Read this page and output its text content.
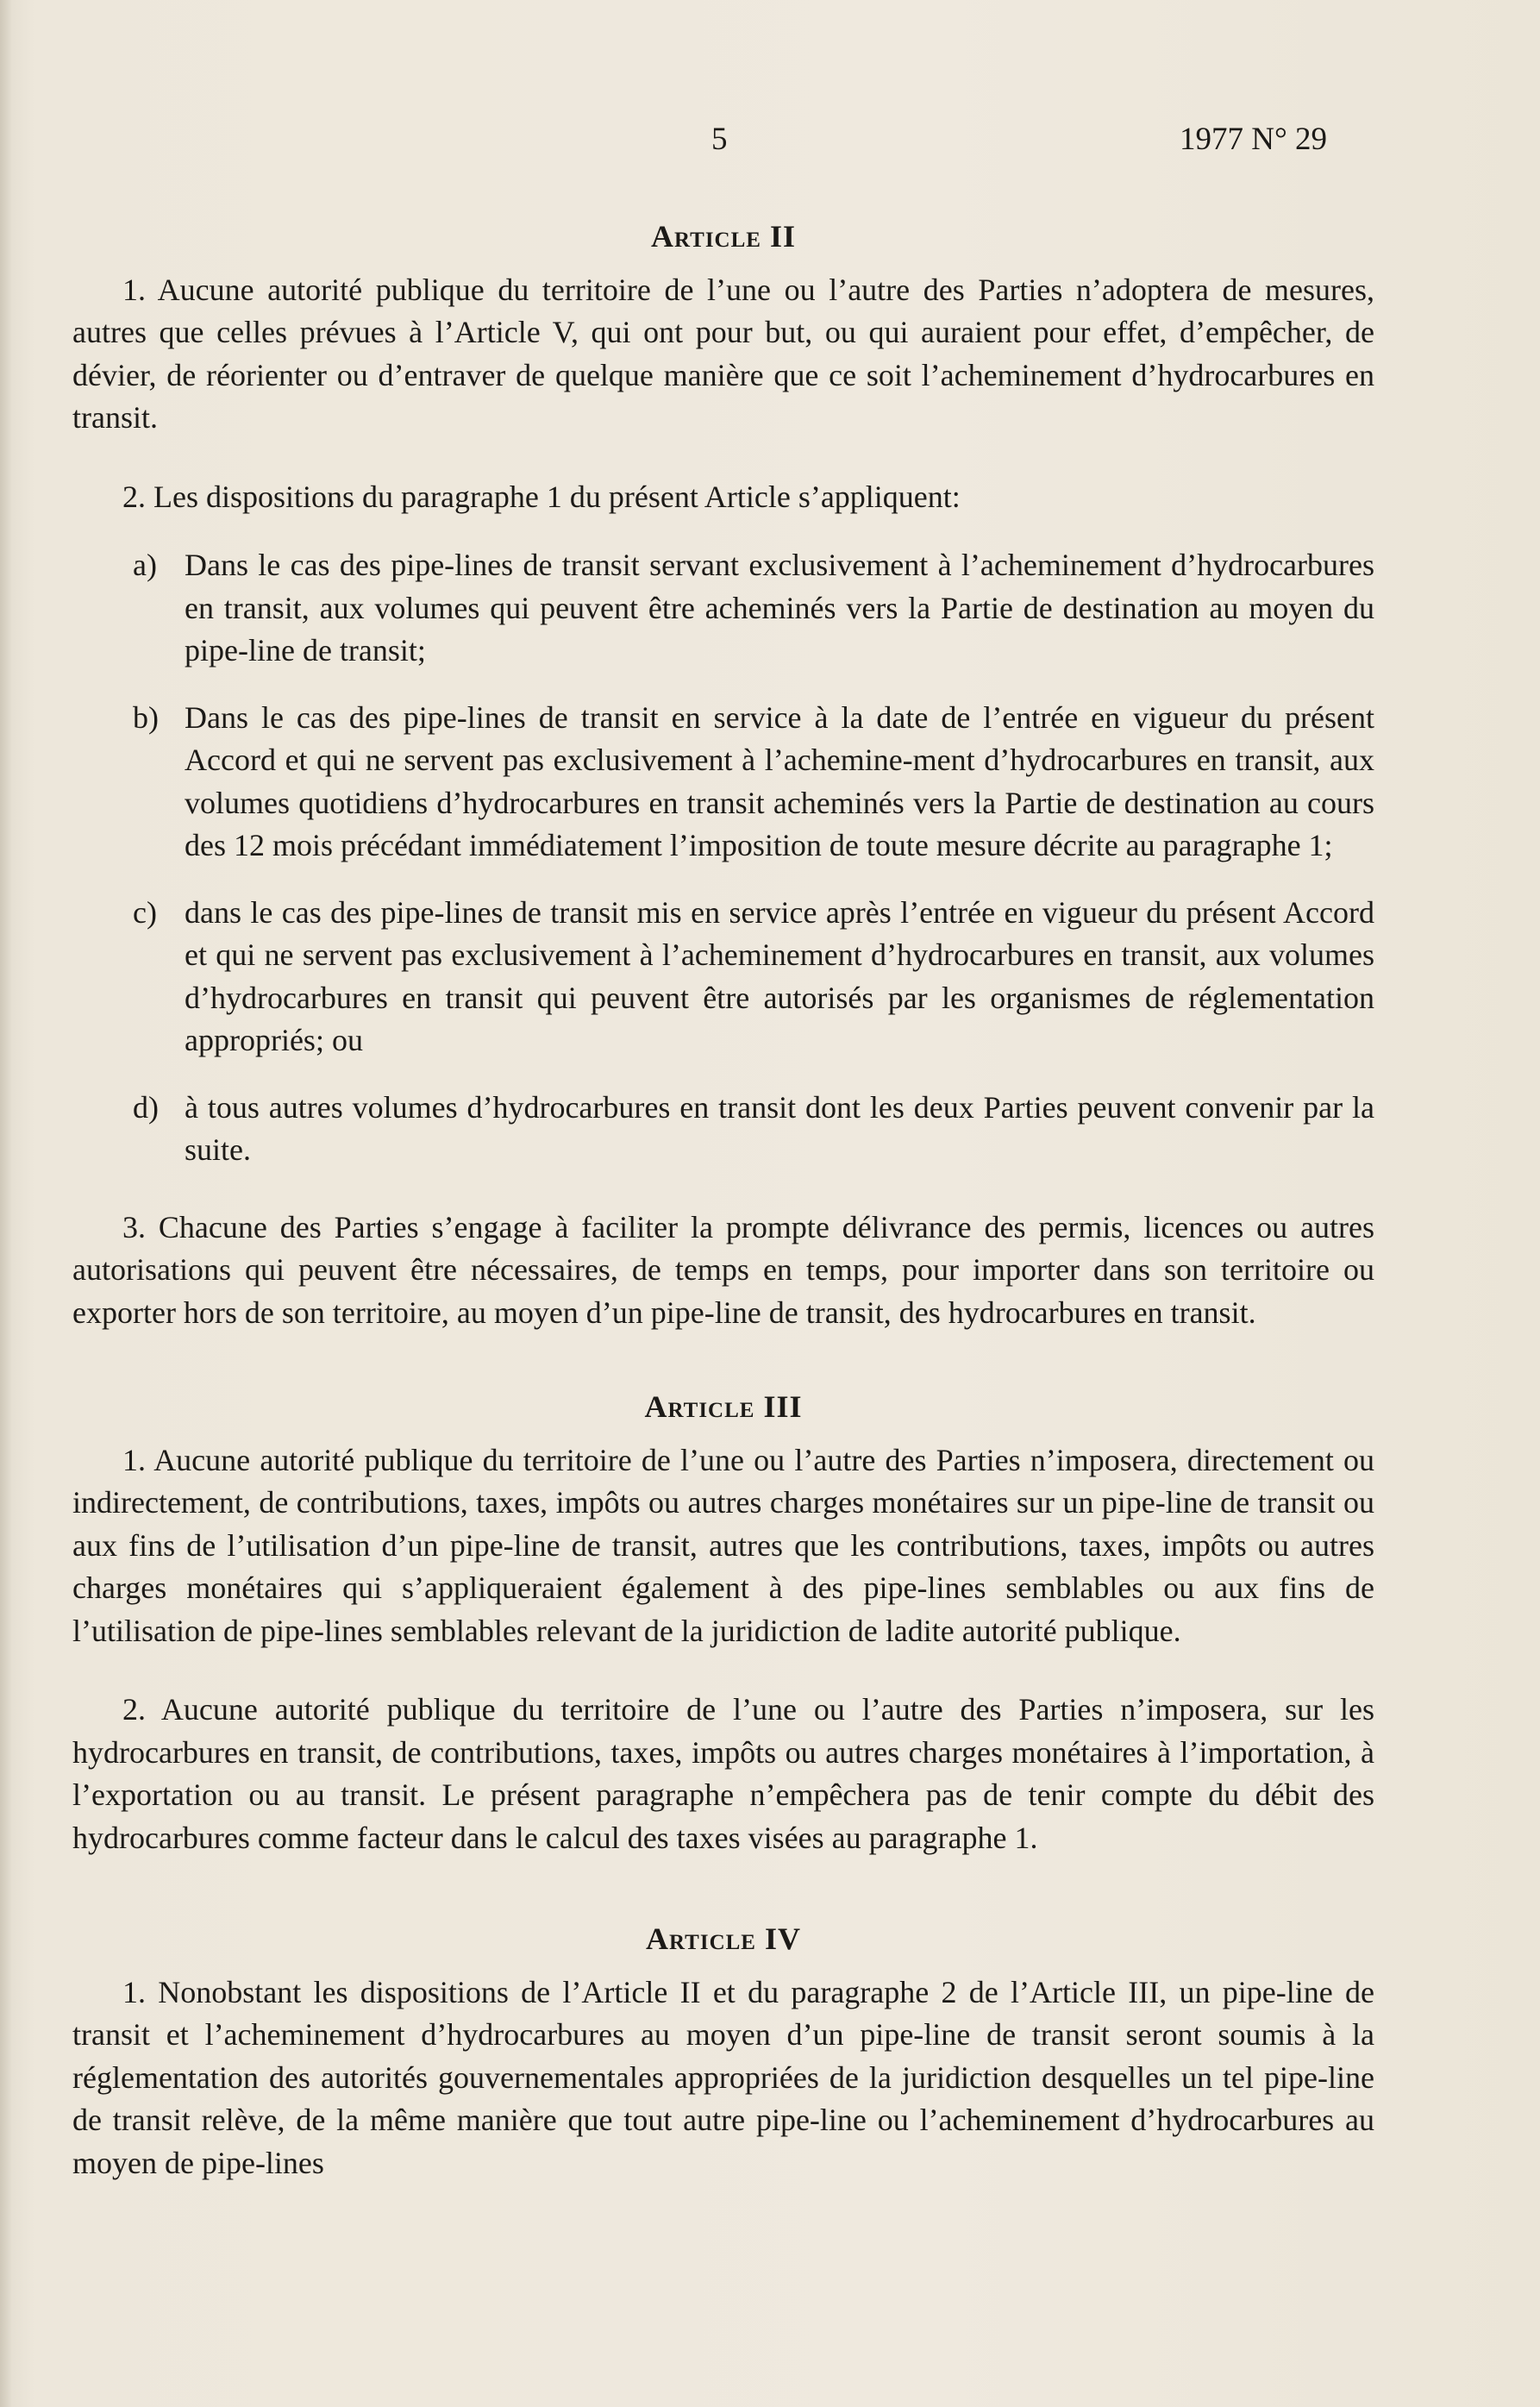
5	1977 N° 29
Article II

1. Aucune autorité publique du territoire de l’une ou l’autre des Parties n’adoptera de mesures, autres que celles prévues à l’Article V, qui ont pour but, ou qui auraient pour effet, d’empêcher, de dévier, de réorienter ou d’entraver de quelque manière que ce soit l’acheminement d’hydrocarbures en transit.

2. Les dispositions du paragraphe 1 du présent Article s’appliquent:

a) Dans le cas des pipe-lines de transit servant exclusivement à l’acheminement d’hydrocarbures en transit, aux volumes qui peuvent être acheminés vers la Partie de destination au moyen du pipe-line de transit;

b) Dans le cas des pipe-lines de transit en service à la date de l’entrée en vigueur du présent Accord et qui ne servent pas exclusivement à l’achemine-ment d’hydrocarbures en transit, aux volumes quotidiens d’hydrocarbures en transit acheminés vers la Partie de destination au cours des 12 mois précédant immédiatement l’imposition de toute mesure décrite au paragraphe 1;

c) dans le cas des pipe-lines de transit mis en service après l’entrée en vigueur du présent Accord et qui ne servent pas exclusivement à l’acheminement d’hydrocarbures en transit, aux volumes d’hydrocarbures en transit qui peuvent être autorisés par les organismes de réglementation appropriés; ou

d) à tous autres volumes d’hydrocarbures en transit dont les deux Parties peuvent convenir par la suite.

3. Chacune des Parties s’engage à faciliter la prompte délivrance des permis, licences ou autres autorisations qui peuvent être nécessaires, de temps en temps, pour importer dans son territoire ou exporter hors de son territoire, au moyen d’un pipe-line de transit, des hydrocarbures en transit.

Article III

1. Aucune autorité publique du territoire de l’une ou l’autre des Parties n’imposera, directement ou indirectement, de contributions, taxes, impôts ou autres charges monétaires sur un pipe-line de transit ou aux fins de l’utilisation d’un pipe-line de transit, autres que les contributions, taxes, impôts ou autres charges monétaires qui s’appliqueraient également à des pipe-lines semblables ou aux fins de l’utilisation de pipe-lines semblables relevant de la juridiction de ladite autorité publique.

2. Aucune autorité publique du territoire de l’une ou l’autre des Parties n’imposera, sur les hydrocarbures en transit, de contributions, taxes, impôts ou autres charges monétaires à l’importation, à l’exportation ou au transit. Le présent paragraphe n’empêchera pas de tenir compte du débit des hydrocarbures comme facteur dans le calcul des taxes visées au paragraphe 1.

Article IV

1. Nonobstant les dispositions de l’Article II et du paragraphe 2 de l’Article III, un pipe-line de transit et l’acheminement d’hydrocarbures au moyen d’un pipe-line de transit seront soumis à la réglementation des autorités gouvernementales appropriées de la juridiction desquelles un tel pipe-line de transit relève, de la même manière que tout autre pipe-line ou l’acheminement d’hydrocarbures au moyen de pipe-lines
